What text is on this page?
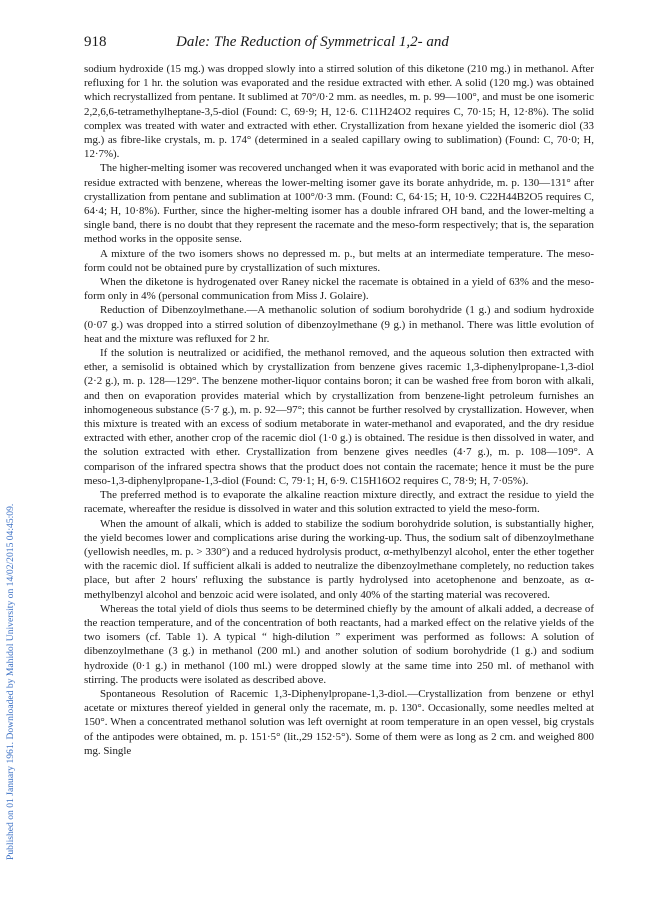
918	Dale: The Reduction of Symmetrical 1,2- and
Published on 01 January 1961. Downloaded by Mahidol University on 14/02/2015 04:45:09.

sodium hydroxide (15 mg.) was dropped slowly into a stirred solution of this diketone (210 mg.) in methanol. After refluxing for 1 hr. the solution was evaporated and the residue extracted with ether. A solid (120 mg.) was obtained which recrystallized from pentane. It sublimed at 70°/0·2 mm. as needles, m. p. 99—100°, and must be one isomeric 2,2,6,6-tetramethylheptane-3,5-diol (Found: C, 69·9; H, 12·6. C11H24O2 requires C, 70·15; H, 12·8%). The solid complex was treated with water and extracted with ether. Crystallization from hexane yielded the isomeric diol (33 mg.) as fibre-like crystals, m. p. 174° (determined in a sealed capillary owing to sublimation) (Found: C, 70·0; H, 12·7%).

The higher-melting isomer was recovered unchanged when it was evaporated with boric acid in methanol and the residue extracted with benzene, whereas the lower-melting isomer gave its borate anhydride, m. p. 130—131° after crystallization from pentane and sublimation at 100°/0·3 mm. (Found: C, 64·15; H, 10·9. C22H44B2O5 requires C, 64·4; H, 10·8%). Further, since the higher-melting isomer has a double infrared OH band, and the lower-melting a single band, there is no doubt that they represent the racemate and the meso-form respectively; that is, the separation method works in the opposite sense.

A mixture of the two isomers shows no depressed m. p., but melts at an intermediate temperature. The meso-form could not be obtained pure by crystallization of such mixtures.

When the diketone is hydrogenated over Raney nickel the racemate is obtained in a yield of 63% and the meso-form only in 4% (personal communication from Miss J. Golaire).

Reduction of Dibenzoylmethane.—A methanolic solution of sodium borohydride (1 g.) and sodium hydroxide (0·07 g.) was dropped into a stirred solution of dibenzoylmethane (9 g.) in methanol. There was little evolution of heat and the mixture was refluxed for 2 hr.

If the solution is neutralized or acidified, the methanol removed, and the aqueous solution then extracted with ether, a semisolid is obtained which by crystallization from benzene gives racemic 1,3-diphenylpropane-1,3-diol (2·2 g.), m. p. 128—129°. The benzene mother-liquor contains boron; it can be washed free from boron with alkali, and then on evaporation provides material which by crystallization from benzene-light petroleum furnishes an inhomogeneous substance (5·7 g.), m. p. 92—97°; this cannot be further resolved by crystallization. However, when this mixture is treated with an excess of sodium metaborate in water-methanol and evaporated, and the dry residue extracted with ether, another crop of the racemic diol (1·0 g.) is obtained. The residue is then dissolved in water, and the solution extracted with ether. Crystallization from benzene gives needles (4·7 g.), m. p. 108—109°. A comparison of the infrared spectra shows that the product does not contain the racemate; hence it must be the pure meso-1,3-diphenylpropane-1,3-diol (Found: C, 79·1; H, 6·9. C15H16O2 requires C, 78·9; H, 7·05%).

The preferred method is to evaporate the alkaline reaction mixture directly, and extract the residue to yield the racemate, whereafter the residue is dissolved in water and this solution extracted to yield the meso-form.

When the amount of alkali, which is added to stabilize the sodium borohydride solution, is substantially higher, the yield becomes lower and complications arise during the working-up. Thus, the sodium salt of dibenzoylmethane (yellowish needles, m. p. > 330°) and a reduced hydrolysis product, α-methylbenzyl alcohol, enter the ether together with the racemic diol. If sufficient alkali is added to neutralize the dibenzoylmethane completely, no reduction takes place, but after 2 hours' refluxing the substance is partly hydrolysed into acetophenone and benzoate, as α-methylbenzyl alcohol and benzoic acid were isolated, and only 40% of the starting material was recovered.

Whereas the total yield of diols thus seems to be determined chiefly by the amount of alkali added, a decrease of the reaction temperature, and of the concentration of both reactants, had a marked effect on the relative yields of the two isomers (cf. Table 1). A typical “ high-dilution ” experiment was performed as follows: A solution of dibenzoylmethane (3 g.) in methanol (200 ml.) and another solution of sodium borohydride (1 g.) and sodium hydroxide (0·1 g.) in methanol (100 ml.) were dropped slowly at the same time into 250 ml. of methanol with stirring. The products were isolated as described above.

Spontaneous Resolution of Racemic 1,3-Diphenylpropane-1,3-diol.—Crystallization from benzene or ethyl acetate or mixtures thereof yielded in general only the racemate, m. p. 130°. Occasionally, some needles melted at 150°. When a concentrated methanol solution was left overnight at room temperature in an open vessel, big crystals of the antipodes were obtained, m. p. 151·5° (lit.,29 152·5°). Some of them were as long as 2 cm. and weighed 800 mg. Single
